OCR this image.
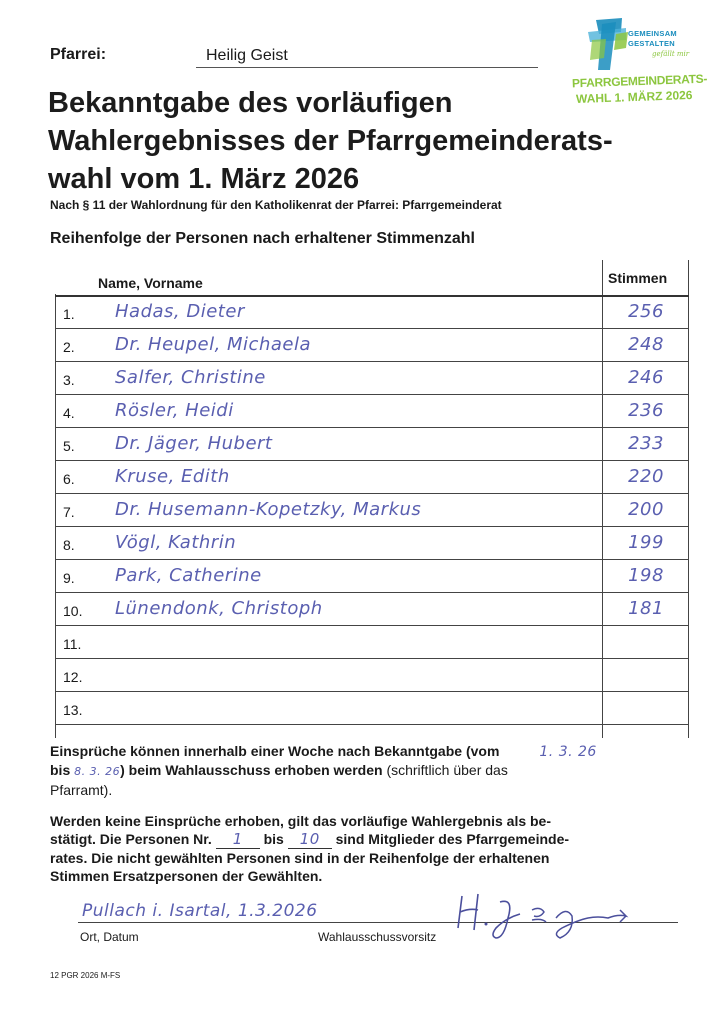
Pfarrei:	Heilig Geist
Bekanntgabe des vorläufigen
Wahlergebnisses der Pfarrgemeinderats-
wahl vom 1. März 2026
Nach § 11 der Wahlordnung für den Katholikenrat der Pfarrei: Pfarrgemeinderat
Reihenfolge der Personen nach erhaltener Stimmenzahl
GEMEINSAM
GESTALTEN
gefällt mir
PFARRGEMEINDERATS-
WAHL 1. MÄRZ 2026
Name, Vorname	Stimmen
1. Hadas, Dieter	256
2. Dr. Heupel, Michaela	248
3. Salfer, Christine	246
4. Rösler, Heidi	236
5. Dr. Jäger, Hubert	233
6. Kruse, Edith	220
7. Dr. Husemann-Kopetzky, Markus	200
8. Vögl, Kathrin	199
9. Park, Catherine	198
10. Lünendonk, Christoph	181
11.
12.
13.
Einsprüche können innerhalb einer Woche nach Bekanntgabe (vom	1. 3. 26
bis 8. 3. 26) beim Wahlausschuss erhoben werden (schriftlich über das
Pfarramt).
Werden keine Einsprüche erhoben, gilt das vorläufige Wahlergebnis als be-
stätigt. Die Personen Nr. 1 bis 10 sind Mitglieder des Pfarrgemeinde-
rates. Die nicht gewählten Personen sind in der Reihenfolge der erhaltenen
Stimmen Ersatzpersonen der Gewählten.
Pullach i. Isartal, 1.3.2026
Ort, Datum	Wahlausschussvorsitz
12 PGR 2026 M-FS
